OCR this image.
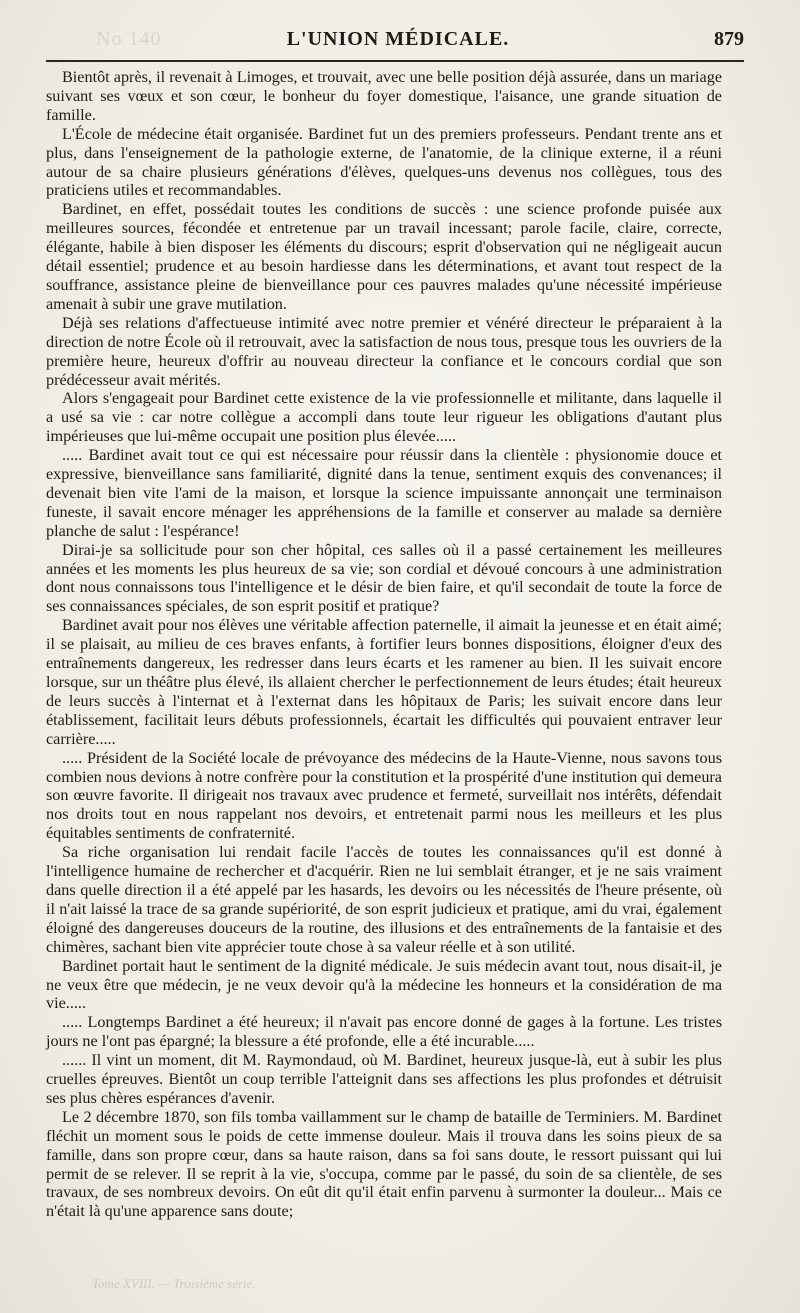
No 140	L'UNION MÉDICALE.	879

Bientôt après, il revenait à Limoges, et trouvait, avec une belle position déjà assurée, dans un mariage suivant ses vœux et son cœur, le bonheur du foyer domestique, l'aisance, une grande situation de famille.

L'École de médecine était organisée. Bardinet fut un des premiers professeurs. Pendant trente ans et plus, dans l'enseignement de la pathologie externe, de l'anatomie, de la clinique externe, il a réuni autour de sa chaire plusieurs générations d'élèves, quelques-uns devenus nos collègues, tous des praticiens utiles et recommandables.

Bardinet, en effet, possédait toutes les conditions de succès : une science profonde puisée aux meilleures sources, fécondée et entretenue par un travail incessant; parole facile, claire, correcte, élégante, habile à bien disposer les éléments du discours; esprit d'observation qui ne négligeait aucun détail essentiel; prudence et au besoin hardiesse dans les déterminations, et avant tout respect de la souffrance, assistance pleine de bienveillance pour ces pauvres malades qu'une nécessité impérieuse amenait à subir une grave mutilation.

Déjà ses relations d'affectueuse intimité avec notre premier et vénéré directeur le préparaient à la direction de notre École où il retrouvait, avec la satisfaction de nous tous, presque tous les ouvriers de la première heure, heureux d'offrir au nouveau directeur la confiance et le concours cordial que son prédécesseur avait mérités.

Alors s'engageait pour Bardinet cette existence de la vie professionnelle et militante, dans laquelle il a usé sa vie : car notre collègue a accompli dans toute leur rigueur les obligations d'autant plus impérieuses que lui-même occupait une position plus élevée.....

..... Bardinet avait tout ce qui est nécessaire pour réussir dans la clientèle : physionomie douce et expressive, bienveillance sans familiarité, dignité dans la tenue, sentiment exquis des convenances; il devenait bien vite l'ami de la maison, et lorsque la science impuissante annonçait une terminaison funeste, il savait encore ménager les appréhensions de la famille et conserver au malade sa dernière planche de salut : l'espérance!

Dirai-je sa sollicitude pour son cher hôpital, ces salles où il a passé certainement les meilleures années et les moments les plus heureux de sa vie; son cordial et dévoué concours à une administration dont nous connaissons tous l'intelligence et le désir de bien faire, et qu'il secondait de toute la force de ses connaissances spéciales, de son esprit positif et pratique?

Bardinet avait pour nos élèves une véritable affection paternelle, il aimait la jeunesse et en était aimé; il se plaisait, au milieu de ces braves enfants, à fortifier leurs bonnes dispositions, éloigner d'eux des entraînements dangereux, les redresser dans leurs écarts et les ramener au bien. Il les suivait encore lorsque, sur un théâtre plus élevé, ils allaient chercher le perfectionnement de leurs études; était heureux de leurs succès à l'internat et à l'externat dans les hôpitaux de Paris; les suivait encore dans leur établissement, facilitait leurs débuts professionnels, écartait les difficultés qui pouvaient entraver leur carrière.....

..... Président de la Société locale de prévoyance des médecins de la Haute-Vienne, nous savons tous combien nous devions à notre confrère pour la constitution et la prospérité d'une institution qui demeura son œuvre favorite. Il dirigeait nos travaux avec prudence et fermeté, surveillait nos intérêts, défendait nos droits tout en nous rappelant nos devoirs, et entretenait parmi nous les meilleurs et les plus équitables sentiments de confraternité.

Sa riche organisation lui rendait facile l'accès de toutes les connaissances qu'il est donné à l'intelligence humaine de rechercher et d'acquérir. Rien ne lui semblait étranger, et je ne sais vraiment dans quelle direction il a été appelé par les hasards, les devoirs ou les nécessités de l'heure présente, où il n'ait laissé la trace de sa grande supériorité, de son esprit judicieux et pratique, ami du vrai, également éloigné des dangereuses douceurs de la routine, des illusions et des entraînements de la fantaisie et des chimères, sachant bien vite apprécier toute chose à sa valeur réelle et à son utilité.

Bardinet portait haut le sentiment de la dignité médicale. Je suis médecin avant tout, nous disait-il, je ne veux être que médecin, je ne veux devoir qu'à la médecine les honneurs et la considération de ma vie.....

..... Longtemps Bardinet a été heureux; il n'avait pas encore donné de gages à la fortune. Les tristes jours ne l'ont pas épargné; la blessure a été profonde, elle a été incurable.....

...... Il vint un moment, dit M. Raymondaud, où M. Bardinet, heureux jusque-là, eut à subir les plus cruelles épreuves. Bientôt un coup terrible l'atteignit dans ses affections les plus profondes et détruisit ses plus chères espérances d'avenir.

Le 2 décembre 1870, son fils tomba vaillamment sur le champ de bataille de Terminiers. M. Bardinet fléchit un moment sous le poids de cette immense douleur. Mais il trouva dans les soins pieux de sa famille, dans son propre cœur, dans sa haute raison, dans sa foi sans doute, le ressort puissant qui lui permit de se relever. Il se reprit à la vie, s'occupa, comme par le passé, du soin de sa clientèle, de ses travaux, de ses nombreux devoirs. On eût dit qu'il était enfin parvenu à surmonter la douleur... Mais ce n'était là qu'une apparence sans doute;

Tome XVIII. — Troisième série.
